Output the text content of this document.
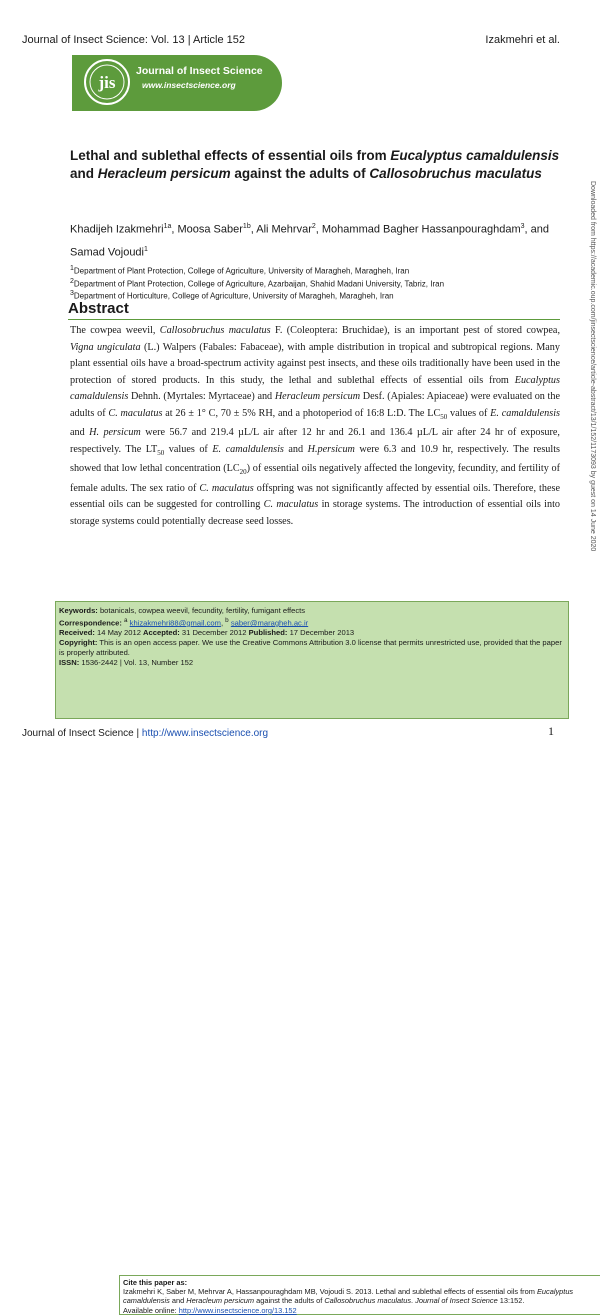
Journal of Insect Science: Vol. 13 | Article 152	Izakmehri et al.
jis
Journal of Insect Science
www.insectscience.org
Downloaded from https://academic.oup.com/jinsectscience/article-abstract/13/1/152/1173093 by guest on 14 June 2020
Lethal and sublethal effects of essential oils from Eucalyptus camaldulensis and Heracleum persicum against the adults of Callosobruchus maculatus
Khadijeh Izakmehri$^{1a}$, Moosa Saber$^{1b}$, Ali Mehrvar$^2$, Mohammad Bagher Hassanpouraghdam$^3$, and Samad Vojoudi$^1$
$^1$Department of Plant Protection, College of Agriculture, University of Maragheh, Maragheh, Iran
$^2$Department of Plant Protection, College of Agriculture, Azarbaijan, Shahid Madani University, Tabriz, Iran
$^3$Department of Horticulture, College of Agriculture, University of Maragheh, Maragheh, Iran
Abstract

The cowpea weevil, Callosobruchus maculatus F. (Coleoptera: Bruchidae), is an important pest of stored cowpea, Vigna ungiculata (L.) Walpers (Fabales: Fabaceae), with ample distribution in tropical and subtropical regions. Many plant essential oils have a broad-spectrum activity against pest insects, and these oils traditionally have been used in the protection of stored products. In this study, the lethal and sublethal effects of essential oils from Eucalyptus camaldulensis Dehnh. (Myrtales: Myrtaceae) and Heracleum persicum Desf. (Apiales: Apiaceae) were evaluated on the adults of C. maculatus at 26 ± 1° C, 70 ± 5% RH, and a photoperiod of 16:8 L:D. The $LC_{50}$ values of E. camaldulensis and H. persicum were 56.7 and 219.4 µL/L air after 12 hr and 26.1 and 136.4 µL/L air after 24 hr of exposure, respectively. The $LT_{50}$ values of E. camaldulensis and H.persicum were 6.3 and 10.9 hr, respectively. The results showed that low lethal concentration $(LC_{20})$ of essential oils negatively affected the longevity, fecundity, and fertility of female adults. The sex ratio of C. maculatus offspring was not significantly affected by essential oils. Therefore, these essential oils can be suggested for controlling C. maculatus in storage systems. The introduction of essential oils into storage systems could potentially decrease seed losses.

Keywords: botanicals, cowpea weevil, fecundity, fertility, fumigant effects
Correspondence: $^a$ khizakmehri88@gmail.com, $^b$ saber@maragheh.ac.ir
Received: 14 May 2012 Accepted: 31 December 2012 Published: 17 December 2013
Copyright: This is an open access paper. We use the Creative Commons Attribution 3.0 license that permits unrestricted use, provided that the paper is properly attributed.
ISSN: 1536-2442 | Vol. 13, Number 152
Cite this paper as:
Izakmehri K, Saber M, Mehrvar A, Hassanpouraghdam MB, Vojoudi S. 2013. Lethal and sublethal effects of essential oils from Eucalyptus camaldulensis and Heracleum persicum against the adults of Callosobruchus maculatus. Journal of Insect Science 13:152.
Available online: http://www.insectscience.org/13.152
Journal of Insect Science | http://www.insectscience.org	1
